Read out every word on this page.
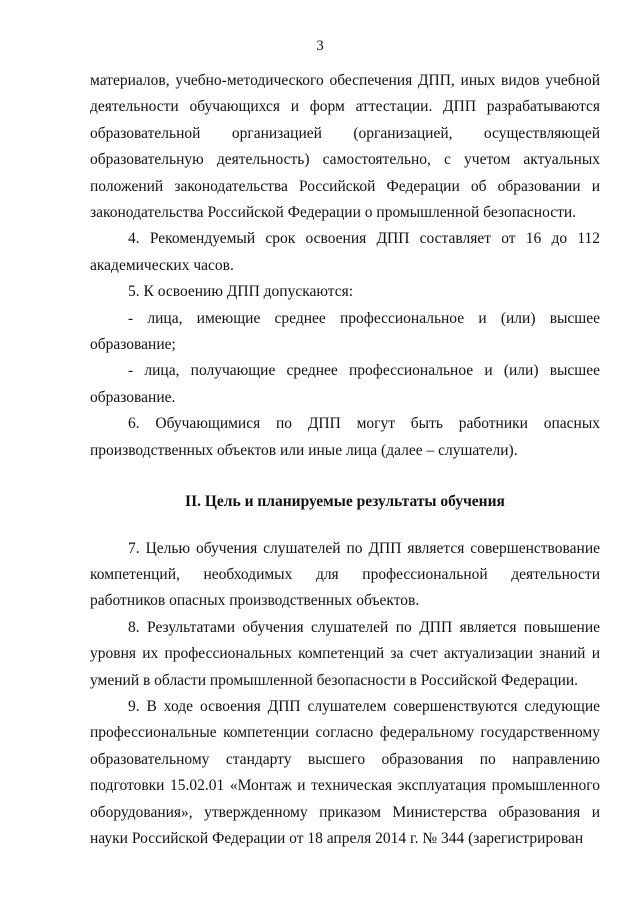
3

материалов, учебно-методического обеспечения ДПП, иных видов учебной деятельности обучающихся и форм аттестации. ДПП разрабатываются образовательной организацией (организацией, осуществляющей образовательную деятельность) самостоятельно, с учетом актуальных положений законодательства Российской Федерации об образовании и законодательства Российской Федерации о промышленной безопасности.

4. Рекомендуемый срок освоения ДПП составляет от 16 до 112 академических часов.

5. К освоению ДПП допускаются:

- лица, имеющие среднее профессиональное и (или) высшее образование;

- лица, получающие среднее профессиональное и (или) высшее образование.

6. Обучающимися по ДПП могут быть работники опасных производственных объектов или иные лица (далее – слушатели).

II. Цель и планируемые результаты обучения

7. Целью обучения слушателей по ДПП является совершенствование компетенций, необходимых для профессиональной деятельности работников опасных производственных объектов.

8. Результатами обучения слушателей по ДПП является повышение уровня их профессиональных компетенций за счет актуализации знаний и умений в области промышленной безопасности в Российской Федерации.

9. В ходе освоения ДПП слушателем совершенствуются следующие профессиональные компетенции согласно федеральному государственному образовательному стандарту высшего образования по направлению подготовки 15.02.01 «Монтаж и техническая эксплуатация промышленного оборудования», утвержденному приказом Министерства образования и науки Российской Федерации от 18 апреля 2014 г. № 344 (зарегистрирован
